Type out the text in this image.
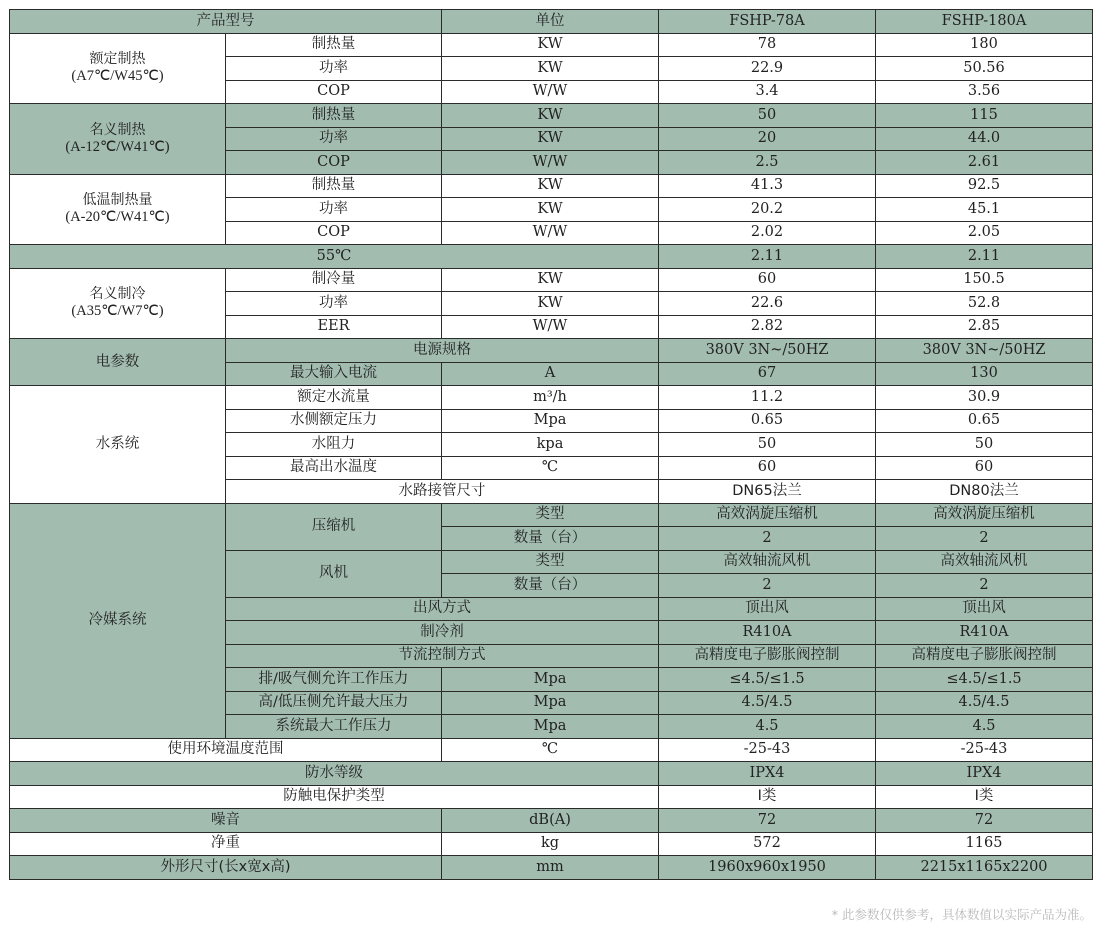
产品型号		单位	FSHP-78A	FSHP-180A

额定制热
(A7℃/W45℃)	制热量	KW	78	180
	功率	KW	22.9	50.56
	COP	W/W	3.4	3.56

名义制热
(A-12℃/W41℃)	制热量	KW	50	115
	功率	KW	20	44.0
	COP	W/W	2.5	2.61

低温制热量
(A-20℃/W41℃)	制热量	KW	41.3	92.5
	功率	KW	20.2	45.1
	COP	W/W	2.02	2.05
55℃			2.11	2.11

名义制冷
(A35℃/W7℃)	制冷量	KW	60	150.5
	功率	KW	22.6	52.8
	EER	W/W	2.82	2.85
电参数	电源规格		380V 3N~/50HZ	380V 3N~/50HZ
	最大输入电流	A	67	130
水系统	额定水流量	m³/h	11.2	30.9
	水侧额定压力	Mpa	0.65	0.65
	水阻力	kpa	50	50
	最高出水温度	℃	60	60
	水路接管尺寸		DN65法兰	DN80法兰
冷媒系统	压缩机	类型	高效涡旋压缩机	高效涡旋压缩机
		数量（台）	2	2
	风机	类型	高效轴流风机	高效轴流风机
		数量（台）	2	2
	出风方式		顶出风	顶出风
	制冷剂		R410A	R410A
	节流控制方式		高精度电子膨胀阀控制	高精度电子膨胀阀控制
	排/吸气侧允许工作压力	Mpa	≤4.5/≤1.5	≤4.5/≤1.5
	高/低压侧允许最大压力	Mpa	4.5/4.5	4.5/4.5
	系统最大工作压力	Mpa	4.5	4.5
使用环境温度范围		℃	-25-43	-25-43
防水等级			IPX4	IPX4
防触电保护类型			I类	I类
噪音		dB(A)	72	72
净重		kg	572	1165
外形尺寸(长x宽x高)		mm	1960x960x1950	2215x1165x2200
* 此参数仅供参考，具体数值以实际产品为准。
